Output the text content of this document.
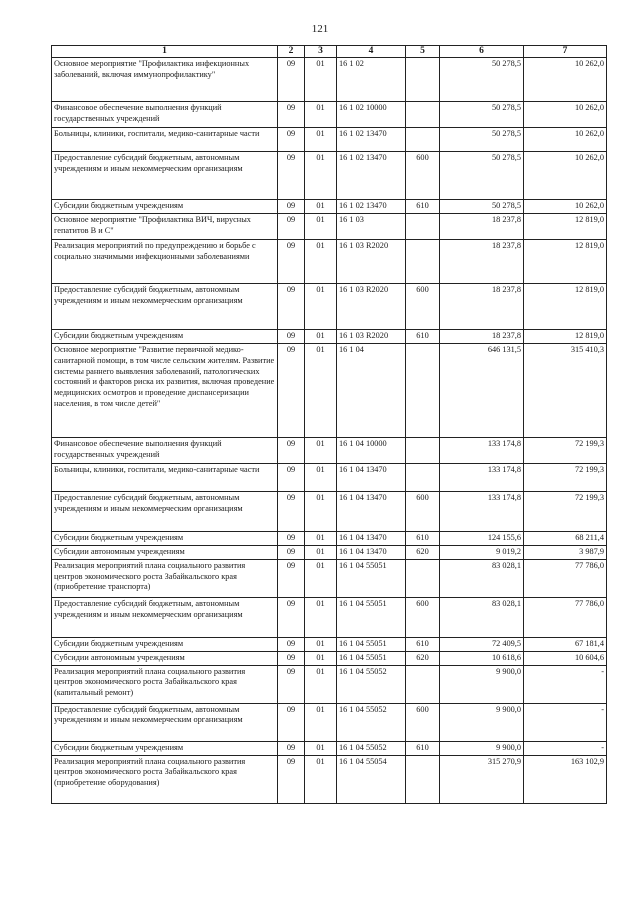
121
1	2	3	4	5	6	7
Основное мероприятие "Профилактика инфекционных заболеваний, включая иммунопрофилактику"	09	01	16 1 02		50 278,5	10 262,0
Финансовое обеспечение выполнения функций государственных учреждений	09	01	16 1 02 10000		50 278,5	10 262,0
Больницы, клиники, госпитали, медико-санитарные части	09	01	16 1 02 13470		50 278,5	10 262,0
Предоставление субсидий бюджетным, автономным учреждениям и иным некоммерческим организациям	09	01	16 1 02 13470	600	50 278,5	10 262,0
Субсидии бюджетным учреждениям	09	01	16 1 02 13470	610	50 278,5	10 262,0
Основное мероприятие "Профилактика ВИЧ, вирусных гепатитов В и С"	09	01	16 1 03		18 237,8	12 819,0
Реализация мероприятий по предупреждению и борьбе с социально значимыми инфекционными заболеваниями	09	01	16 1 03 R2020		18 237,8	12 819,0
Предоставление субсидий бюджетным, автономным учреждениям и иным некоммерческим организациям	09	01	16 1 03 R2020	600	18 237,8	12 819,0
Субсидии бюджетным учреждениям	09	01	16 1 03 R2020	610	18 237,8	12 819,0
Основное мероприятие "Развитие первичной медико-санитарной помощи, в том числе сельским жителям. Развитие системы раннего выявления заболеваний, патологических состояний и факторов риска их развития, включая проведение медицинских осмотров и проведение диспансеризации населения, в том числе детей"	09	01	16 1 04		646 131,5	315 410,3
Финансовое обеспечение выполнения функций государственных учреждений	09	01	16 1 04 10000		133 174,8	72 199,3
Больницы, клиники, госпитали, медико-санитарные части	09	01	16 1 04 13470		133 174,8	72 199,3
Предоставление субсидий бюджетным, автономным учреждениям и иным некоммерческим организациям	09	01	16 1 04 13470	600	133 174,8	72 199,3
Субсидии бюджетным учреждениям	09	01	16 1 04 13470	610	124 155,6	68 211,4
Субсидии автономным учреждениям	09	01	16 1 04 13470	620	9 019,2	3 987,9
Реализация мероприятий плана социального развития центров экономического роста Забайкальского края (приобретение транспорта)	09	01	16 1 04 55051		83 028,1	77 786,0
Предоставление субсидий бюджетным, автономным учреждениям и иным некоммерческим организациям	09	01	16 1 04 55051	600	83 028,1	77 786,0
Субсидии бюджетным учреждениям	09	01	16 1 04 55051	610	72 409,5	67 181,4
Субсидии автономным учреждениям	09	01	16 1 04 55051	620	10 618,6	10 604,6
Реализация мероприятий плана социального развития центров экономического роста Забайкальского края (капитальный ремонт)	09	01	16 1 04 55052		9 900,0	-
Предоставление субсидий бюджетным, автономным учреждениям и иным некоммерческим организациям	09	01	16 1 04 55052	600	9 900,0	-
Субсидии бюджетным учреждениям	09	01	16 1 04 55052	610	9 900,0	-
Реализация мероприятий плана социального развития центров экономического роста Забайкальского края (приобретение оборудования)	09	01	16 1 04 55054		315 270,9	163 102,9
